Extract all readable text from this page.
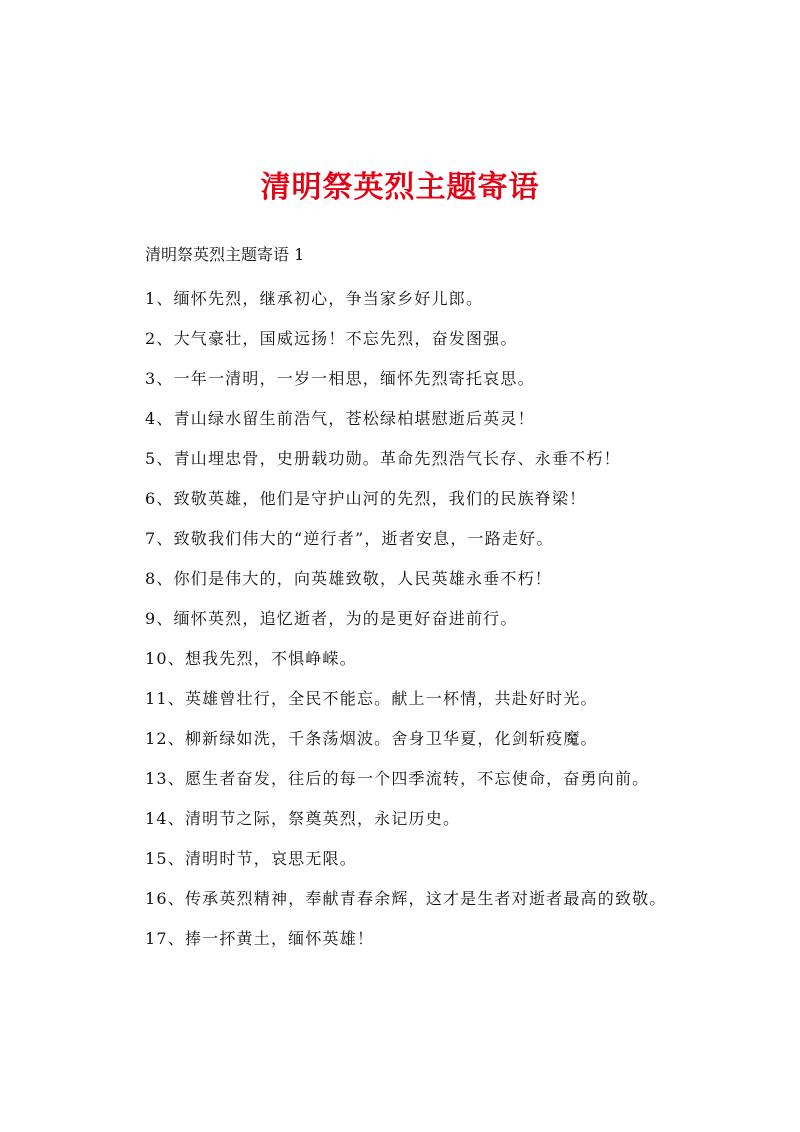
清明祭英烈主题寄语
清明祭英烈主题寄语 1
1、缅怀先烈，继承初心，争当家乡好儿郎。
2、大气豪壮，国威远扬！不忘先烈，奋发图强。
3、一年一清明，一岁一相思，缅怀先烈寄托哀思。
4、青山绿水留生前浩气，苍松绿柏堪慰逝后英灵！
5、青山埋忠骨，史册载功勋。革命先烈浩气长存、永垂不朽！
6、致敬英雄，他们是守护山河的先烈，我们的民族脊梁！
7、致敬我们伟大的“逆行者”，逝者安息，一路走好。
8、你们是伟大的，向英雄致敬，人民英雄永垂不朽！
9、缅怀英烈，追忆逝者，为的是更好奋进前行。
10、想我先烈，不惧峥嵘。
11、英雄曾壮行，全民不能忘。献上一杯情，共赴好时光。
12、柳新绿如洗，千条荡烟波。舍身卫华夏，化剑斩疫魔。
13、愿生者奋发，往后的每一个四季流转，不忘使命，奋勇向前。
14、清明节之际，祭奠英烈，永记历史。
15、清明时节，哀思无限。
16、传承英烈精神，奉献青春余辉，这才是生者对逝者最高的致敬。
17、捧一抔黄土，缅怀英雄！
